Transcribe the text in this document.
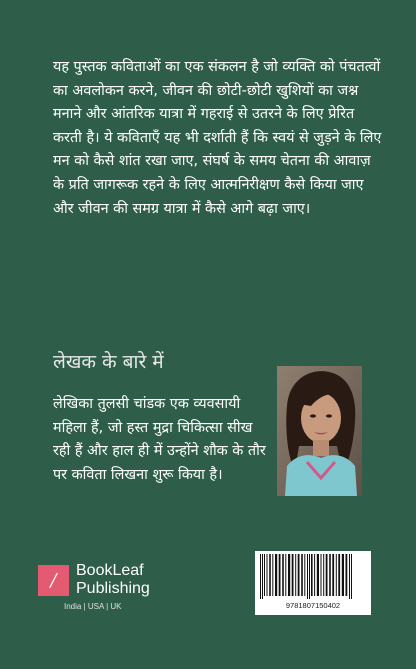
यह पुस्तक कविताओं का एक संकलन है जो व्यक्ति को पंचतत्वों का अवलोकन करने, जीवन की छोटी-छोटी खुशियों का जश्न मनाने और आंतरिक यात्रा में गहराई से उतरने के लिए प्रेरित करती है। ये कविताएँ यह भी दर्शाती हैं कि स्वयं से जुड़ने के लिए मन को कैसे शांत रखा जाए, संघर्ष के समय चेतना की आवाज़ के प्रति जागरूक रहने के लिए आत्मनिरीक्षण कैसे किया जाए और जीवन की समग्र यात्रा में कैसे आगे बढ़ा जाए।

लेखक के बारे में

लेखिका तुलसी चांडक एक व्यवसायी महिला हैं, जो हस्त मुद्रा चिकित्सा सीख रही हैं और हाल ही में उन्होंने शौक के तौर पर कविता लिखना शुरू किया है।

/	BookLeaf
Publishing
India | USA | UK	9781807150402
